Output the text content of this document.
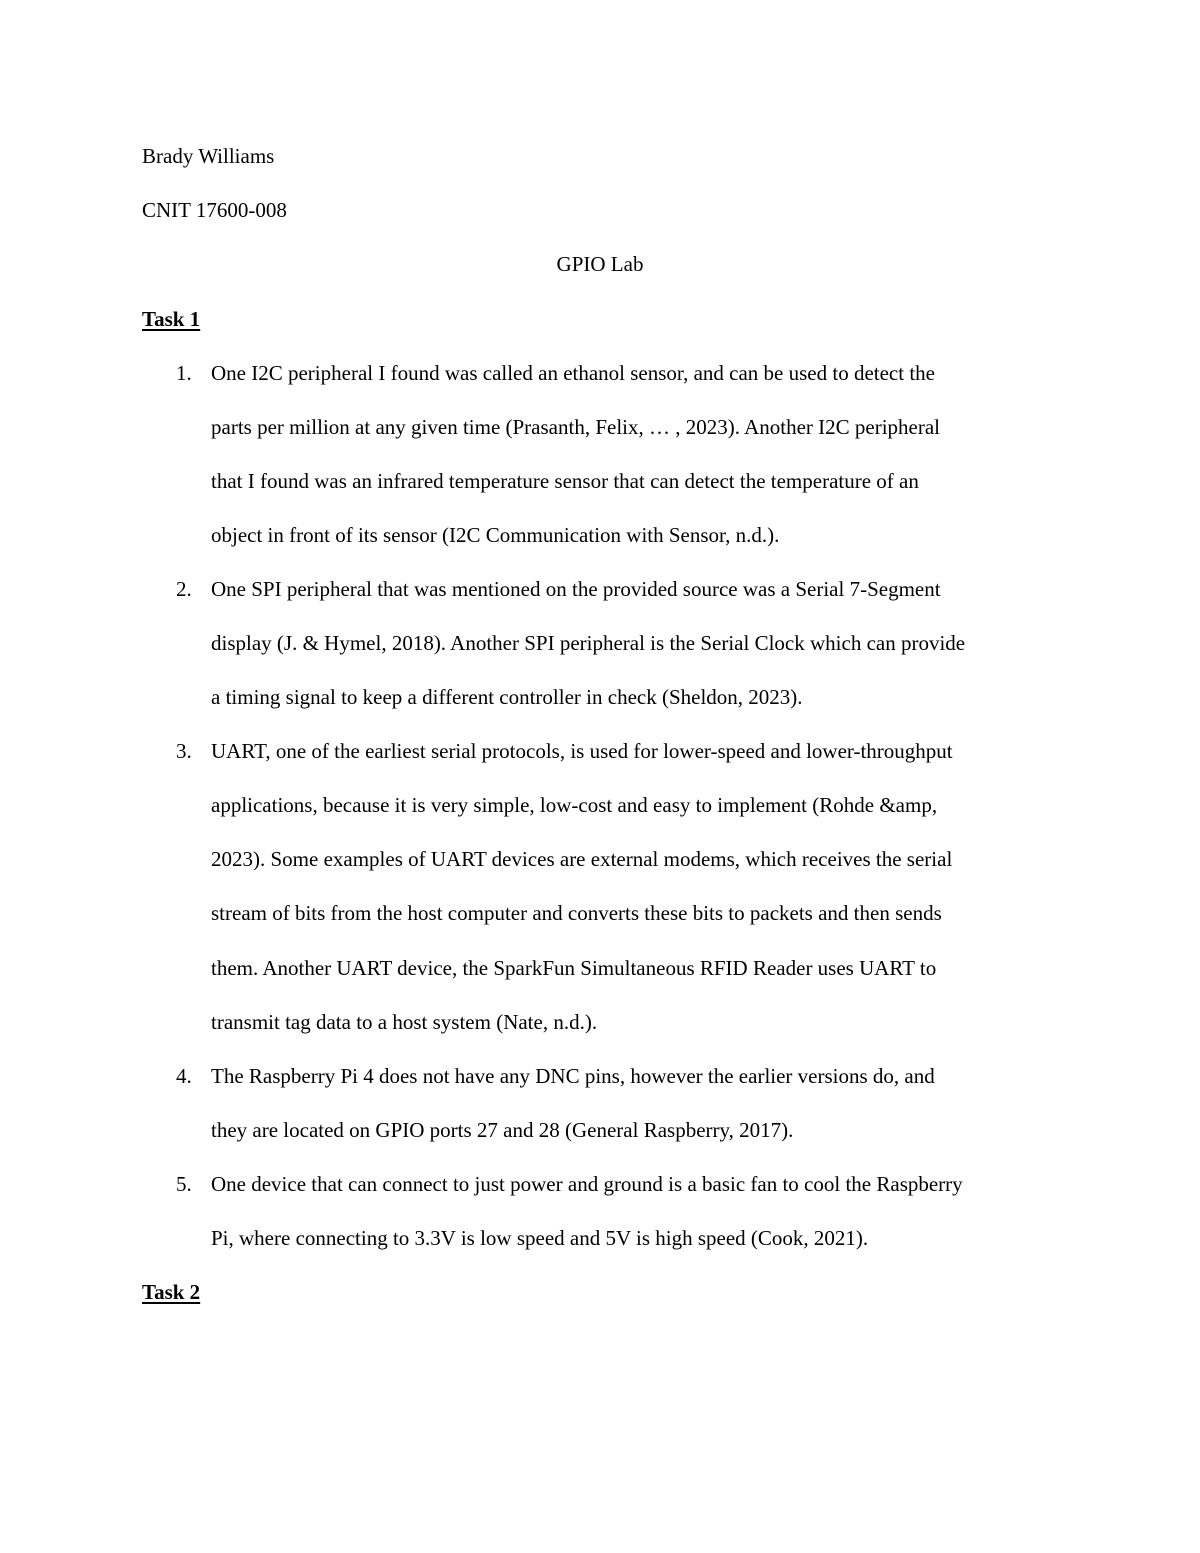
Brady Williams
CNIT 17600-008
GPIO Lab
Task 1
1. One I2C peripheral I found was called an ethanol sensor, and can be used to detect the
parts per million at any given time (Prasanth, Felix, … , 2023). Another I2C peripheral
that I found was an infrared temperature sensor that can detect the temperature of an
object in front of its sensor (I2C Communication with Sensor, n.d.).
2. One SPI peripheral that was mentioned on the provided source was a Serial 7-Segment
display (J. & Hymel, 2018). Another SPI peripheral is the Serial Clock which can provide
a timing signal to keep a different controller in check (Sheldon, 2023).
3. UART, one of the earliest serial protocols, is used for lower-speed and lower-throughput
applications, because it is very simple, low-cost and easy to implement (Rohde &amp,
2023). Some examples of UART devices are external modems, which receives the serial
stream of bits from the host computer and converts these bits to packets and then sends
them. Another UART device, the SparkFun Simultaneous RFID Reader uses UART to
transmit tag data to a host system (Nate, n.d.).
4. The Raspberry Pi 4 does not have any DNC pins, however the earlier versions do, and
they are located on GPIO ports 27 and 28 (General Raspberry, 2017).
5. One device that can connect to just power and ground is a basic fan to cool the Raspberry
Pi, where connecting to 3.3V is low speed and 5V is high speed (Cook, 2021).
Task 2
